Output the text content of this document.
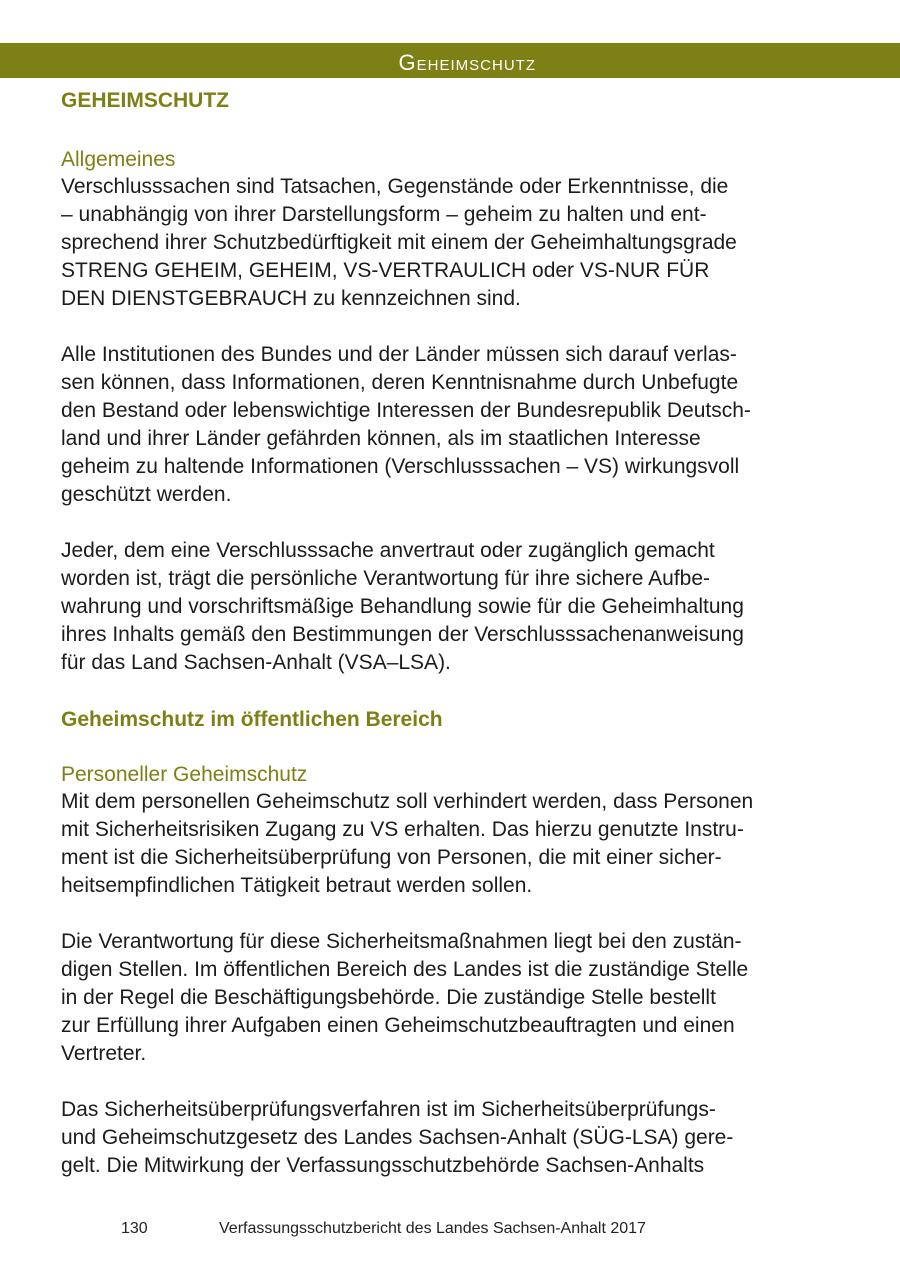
Geheimschutz
GEHEIMSCHUTZ
Allgemeines

Verschlusssachen sind Tatsachen, Gegenstände oder Erkenntnisse, die
– unabhängig von ihrer Darstellungsform – geheim zu halten und ent-
sprechend ihrer Schutzbedürftigkeit mit einem der Geheimhaltungsgrade
STRENG GEHEIM, GEHEIM, VS-VERTRAULICH oder VS-NUR FÜR
DEN DIENSTGEBRAUCH zu kennzeichnen sind.

Alle Institutionen des Bundes und der Länder müssen sich darauf verlas-
sen können, dass Informationen, deren Kenntnisnahme durch Unbefugte
den Bestand oder lebenswichtige Interessen der Bundesrepublik Deutsch-
land und ihrer Länder gefährden können, als im staatlichen Interesse
geheim zu haltende Informationen (Verschlusssachen – VS) wirkungsvoll
geschützt werden.

Jeder, dem eine Verschlusssache anvertraut oder zugänglich gemacht
worden ist, trägt die persönliche Verantwortung für ihre sichere Aufbe-
wahrung und vorschriftsmäßige Behandlung sowie für die Geheimhaltung
ihres Inhalts gemäß den Bestimmungen der Verschlusssachenanweisung
für das Land Sachsen-Anhalt (VSA–LSA).

Geheimschutz im öffentlichen Bereich
Personeller Geheimschutz

Mit dem personellen Geheimschutz soll verhindert werden, dass Personen
mit Sicherheitsrisiken Zugang zu VS erhalten. Das hierzu genutzte Instru-
ment ist die Sicherheitsüberprüfung von Personen, die mit einer sicher-
heitsempfindlichen Tätigkeit betraut werden sollen.

Die Verantwortung für diese Sicherheitsmaßnahmen liegt bei den zustän-
digen Stellen. Im öffentlichen Bereich des Landes ist die zuständige Stelle
in der Regel die Beschäftigungsbehörde. Die zuständige Stelle bestellt
zur Erfüllung ihrer Aufgaben einen Geheimschutzbeauftragten und einen
Vertreter.

Das Sicherheitsüberprüfungsverfahren ist im Sicherheitsüberprüfungs-
und Geheimschutzgesetz des Landes Sachsen-Anhalt (SÜG-LSA) gere-
gelt. Die Mitwirkung der Verfassungsschutzbehörde Sachsen-Anhalts

130	Verfassungsschutzbericht des Landes Sachsen-Anhalt 2017
